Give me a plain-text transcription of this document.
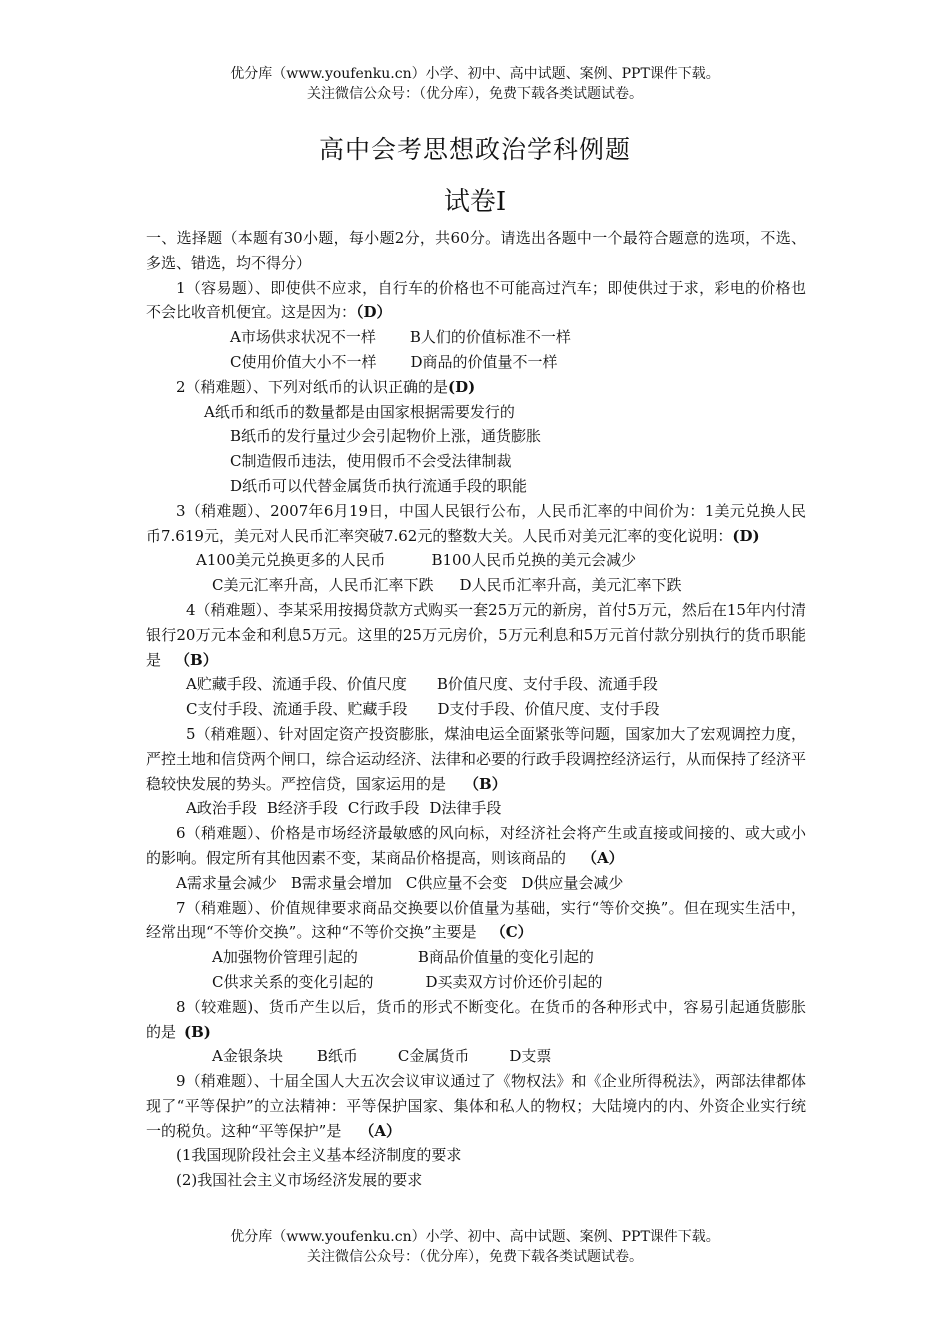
优分库（www.youfenku.cn）小学、初中、高中试题、案例、PPT课件下载。
关注微信公众号：（优分库），免费下载各类试题试卷。
高中会考思想政治学科例题
试卷Ⅰ

一、选择题（本题有30小题，每小题2分，共60分。请选出各题中一个最符合题意的选项，不选、多选、错选，均不得分）

1（容易题）、即使供不应求，自行车的价格也不可能高过汽车；即使供过于求，彩电的价格也不会比收音机便宜。这是因为：（D）

A市场供求状况不一样 B人们的价值标准不一样

C使用价值大小不一样 D商品的价值量不一样

2（稍难题）、下列对纸币的认识正确的是(D)

A纸币和纸币的数量都是由国家根据需要发行的

B纸币的发行量过少会引起物价上涨，通货膨胀

C制造假币违法，使用假币不会受法律制裁

D纸币可以代替金属货币执行流通手段的职能

3（稍难题）、2007年6月19日，中国人民银行公布，人民币汇率的中间价为：1美元兑换人民币7.619元，美元对人民币汇率突破7.62元的整数大关。人民币对美元汇率的变化说明：(D)

A100美元兑换更多的人民币	B100人民币兑换的美元会减少

C美元汇率升高，人民币汇率下跌 D人民币汇率升高，美元汇率下跌

4（稍难题）、李某采用按揭贷款方式购买一套25万元的新房，首付5万元，然后在15年内付清银行20万元本金和利息5万元。这里的25万元房价，5万元利息和5万元首付款分别执行的货币职能是 （B）

A贮藏手段、流通手段、价值尺度 B价值尺度、支付手段、流通手段

C支付手段、流通手段、贮藏手段 D支付手段、价值尺度、支付手段

5（稍难题）、针对固定资产投资膨胀，煤油电运全面紧张等问题，国家加大了宏观调控力度，严控土地和信贷两个闸口，综合运动经济、法律和必要的行政手段调控经济运行，从而保持了经济平稳较快发展的势头。严控信贷，国家运用的是 （B）

A政治手段 B经济手段 C行政手段 D法律手段

6（稍难题）、价格是市场经济最敏感的风向标，对经济社会将产生或直接或间接的、或大或小的影响。假定所有其他因素不变，某商品价格提高，则该商品的 （A）

A需求量会减少 B需求量会增加 C供应量不会变 D供应量会减少

7（稍难题）、价值规律要求商品交换要以价值量为基础，实行“等价交换”。但在现实生活中，经常出现“不等价交换”。这种“不等价交换”主要是 （C）

A加强物价管理引起的	B商品价值量的变化引起的

C供求关系的变化引起的	D买卖双方讨价还价引起的

8（较难题)、货币产生以后，货币的形式不断变化。在货币的各种形式中，容易引起通货膨胀的是 (B)

A金银条块 B纸币	C金属货币	D支票

9（稍难题）、十届全国人大五次会议审议通过了《物权法》和《企业所得税法》，两部法律都体现了“平等保护”的立法精神：平等保护国家、集体和私人的物权；大陆境内的内、外资企业实行统一的税负。这种“平等保护”是 （A）

(1我国现阶段社会主义基本经济制度的要求

(2)我国社会主义市场经济发展的要求

优分库（www.youfenku.cn）小学、初中、高中试题、案例、PPT课件下载。
关注微信公众号：（优分库），免费下载各类试题试卷。
